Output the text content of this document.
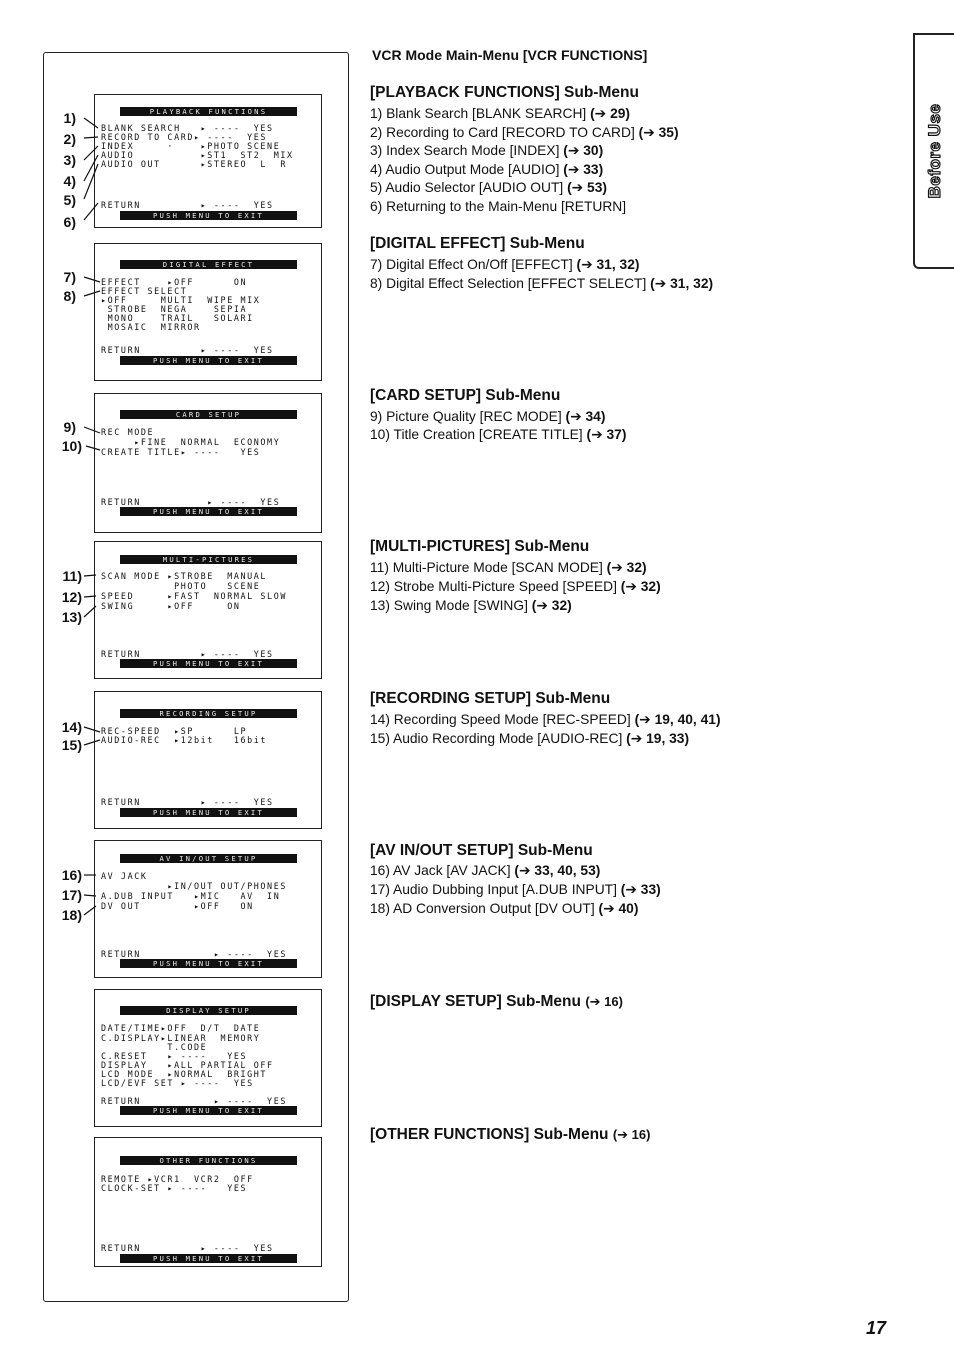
Before Use
PLAYBACK FUNCTIONS
BLANK SEARCH   ▸ ----  YES
RECORD TO CARD▸ ----  YES
INDEX     ·    ▸PHOTO SCENE
AUDIO          ▸ST1  ST2  MIX
AUDIO OUT      ▸STEREO  L  R
RETURN         ▸ ----  YES
PUSH MENU TO EXIT
DIGITAL EFFECT
EFFECT    ▸OFF      ON
EFFECT SELECT
▸OFF     MULTI  WIPE MIX
STROBE  NEGA    SEPIA
MONO    TRAIL   SOLARI
MOSAIC  MIRROR
RETURN         ▸ ----  YES
PUSH MENU TO EXIT
CARD SETUP
REC MODE
▸FINE  NORMAL  ECONOMY
CREATE TITLE▸ ----   YES
RETURN          ▸ ----  YES
PUSH MENU TO EXIT
MULTI-PICTURES
SCAN MODE ▸STROBE  MANUAL
PHOTO   SCENE
SPEED     ▸FAST  NORMAL SLOW
SWING     ▸OFF     ON
RETURN         ▸ ----  YES
PUSH MENU TO EXIT
RECORDING SETUP
REC-SPEED  ▸SP      LP
AUDIO-REC  ▸12bit   16bit
RETURN         ▸ ----  YES
PUSH MENU TO EXIT
AV IN/OUT SETUP
AV JACK
▸IN/OUT OUT/PHONES
A.DUB INPUT   ▸MIC   AV  IN
DV OUT        ▸OFF   ON
RETURN           ▸ ----  YES
PUSH MENU TO EXIT
DISPLAY SETUP
DATE/TIME▸OFF  D/T  DATE
C.DISPLAY▸LINEAR  MEMORY
T.CODE
C.RESET   ▸ ----   YES
DISPLAY   ▸ALL PARTIAL OFF
LCD MODE  ▸NORMAL  BRIGHT
LCD/EVF SET ▸ ----  YES
RETURN           ▸ ----  YES
PUSH MENU TO EXIT
OTHER FUNCTIONS
REMOTE ▸VCR1  VCR2  OFF
CLOCK-SET ▸ ----   YES
RETURN         ▸ ----  YES
PUSH MENU TO EXIT
1)
2)
3)
4)
5)
6)
7)
8)
9)
10)
11)
12)
13)
14)
15)
16)
17)
18)
VCR Mode Main-Menu [VCR FUNCTIONS]
[PLAYBACK FUNCTIONS] Sub-Menu
1) Blank Search [BLANK SEARCH] (➔ 29)
2) Recording to Card [RECORD TO CARD] (➔ 35)
3) Index Search Mode [INDEX] (➔ 30)
4) Audio Output Mode [AUDIO] (➔ 33)
5) Audio Selector [AUDIO OUT] (➔ 53)
6) Returning to the Main-Menu [RETURN]
[DIGITAL EFFECT] Sub-Menu
7) Digital Effect On/Off [EFFECT] (➔ 31, 32)
8) Digital Effect Selection [EFFECT SELECT] (➔ 31, 32)
[CARD SETUP] Sub-Menu
9) Picture Quality [REC MODE] (➔ 34)
10) Title Creation [CREATE TITLE] (➔ 37)
[MULTI-PICTURES] Sub-Menu
11) Multi-Picture Mode [SCAN MODE] (➔ 32)
12) Strobe Multi-Picture Speed [SPEED] (➔ 32)
13) Swing Mode [SWING] (➔ 32)
[RECORDING SETUP] Sub-Menu
14) Recording Speed Mode [REC-SPEED] (➔ 19, 40, 41)
15) Audio Recording Mode [AUDIO-REC] (➔ 19, 33)
[AV IN/OUT SETUP] Sub-Menu
16) AV Jack [AV JACK] (➔ 33, 40, 53)
17) Audio Dubbing Input [A.DUB INPUT] (➔ 33)
18) AD Conversion Output [DV OUT] (➔ 40)
[DISPLAY SETUP] Sub-Menu (➔ 16)
[OTHER FUNCTIONS] Sub-Menu (➔ 16)
17
